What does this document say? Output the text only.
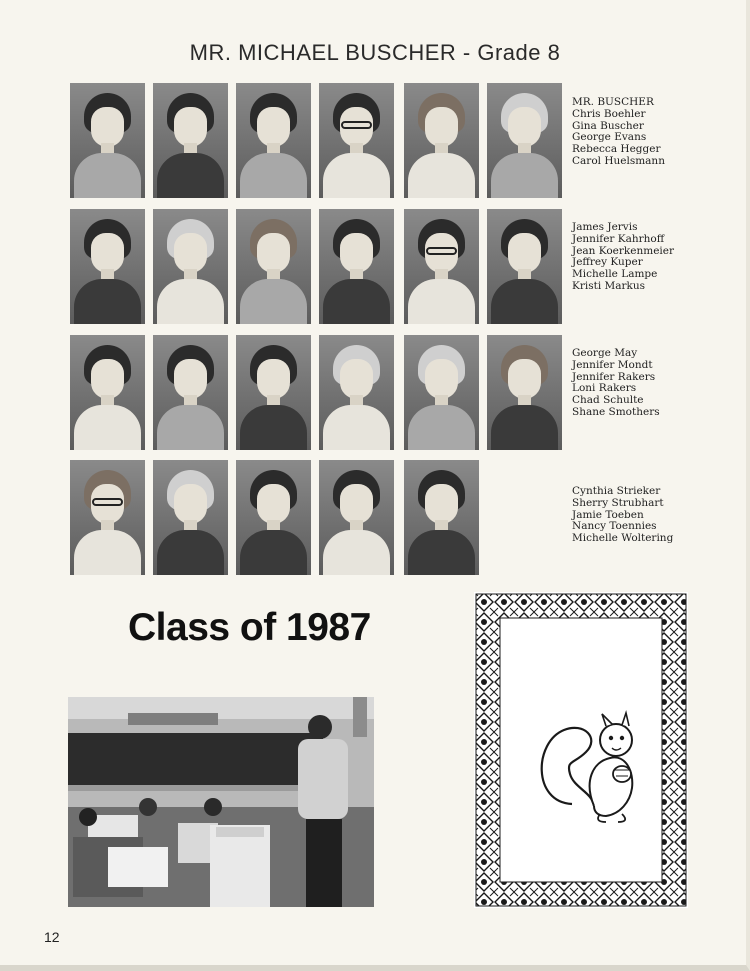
MR. MICHAEL BUSCHER - Grade 8
MR. BUSCHER
Chris Boehler
Gina Buscher
George Evans
Rebecca Hegger
Carol Huelsmann
James Jervis
Jennifer Kahrhoff
Jean Koerkenmeier
Jeffrey Kuper
Michelle Lampe
Kristi Markus
George May
Jennifer Mondt
Jennifer Rakers
Loni Rakers
Chad Schulte
Shane Smothers
Cynthia Strieker
Sherry Strubhart
Jamie Toeben
Nancy Toennies
Michelle Woltering
Class of 1987
12
